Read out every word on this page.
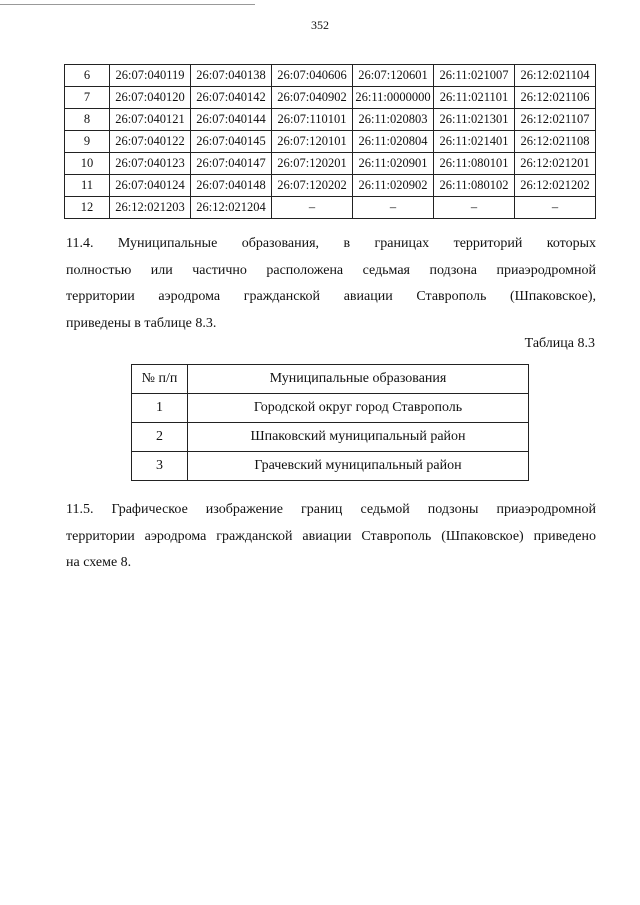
352
6	26:07:040119	26:07:040138	26:07:040606	26:07:120601	26:11:021007	26:12:021104
7	26:07:040120	26:07:040142	26:07:040902	26:11:0000000	26:11:021101	26:12:021106
8	26:07:040121	26:07:040144	26:07:110101	26:11:020803	26:11:021301	26:12:021107
9	26:07:040122	26:07:040145	26:07:120101	26:11:020804	26:11:021401	26:12:021108
10	26:07:040123	26:07:040147	26:07:120201	26:11:020901	26:11:080101	26:12:021201
11	26:07:040124	26:07:040148	26:07:120202	26:11:020902	26:11:080102	26:12:021202
12	26:12:021203	26:12:021204	–	–	–	–
11.4. Муниципальные образования, в границах территорий которых
полностью или частично расположена седьмая подзона приаэродромной
территории аэродрома гражданской авиации Ставрополь (Шпаковское),
приведены в таблице 8.3.
Таблица 8.3
№ п/п	Муниципальные образования
1	Городской округ город Ставрополь
2	Шпаковский муниципальный район
3	Грачевский муниципальный район
11.5. Графическое изображение границ седьмой подзоны приаэродромной
территории аэродрома гражданской авиации Ставрополь (Шпаковское) приведено
на схеме 8.
